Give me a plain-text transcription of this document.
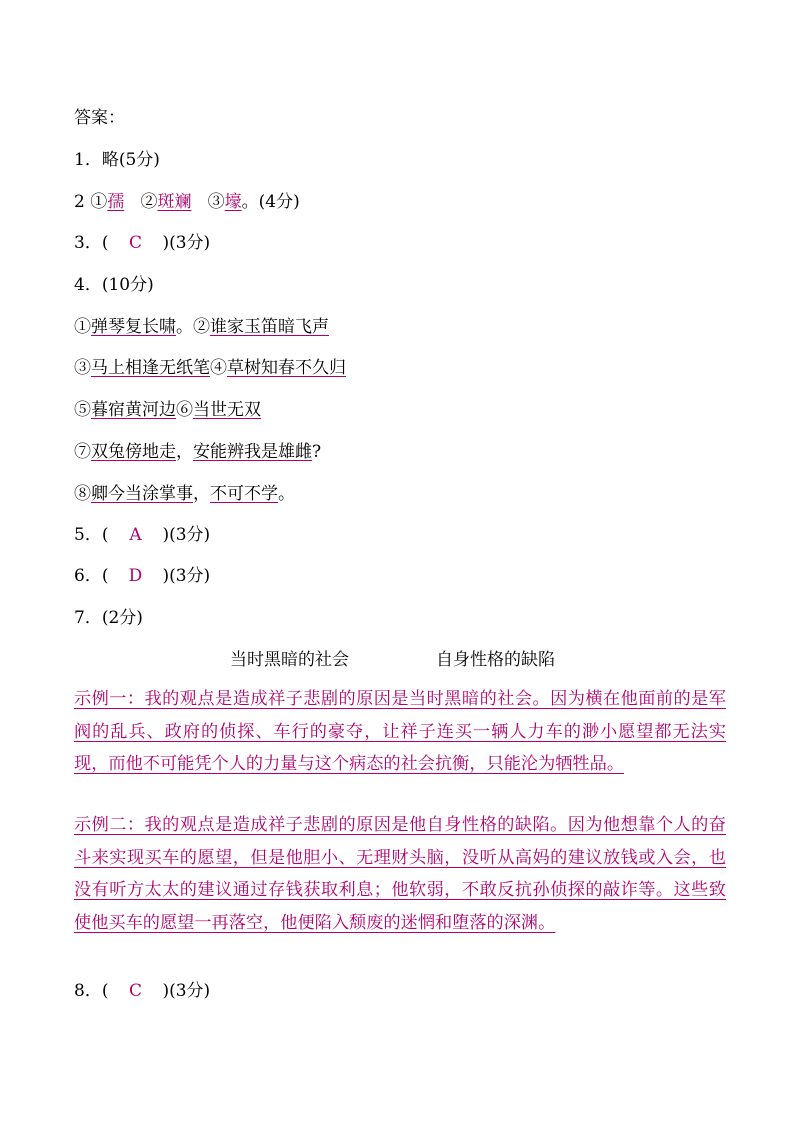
答案：
1．略(5分)
2 ①孺   ②斑斓   ③壕。(4分)
3．( C )(3分)
4．(10分)
①弹琴复长啸。②谁家玉笛暗飞声
③马上相逢无纸笔④草树知春不久归
⑤暮宿黄河边⑥当世无双
⑦双兔傍地走，安能辨我是雄雌?
⑧卿今当涂掌事，不可不学。
5．( A )(3分)
6．( D )(3分)
7．(2分)
当时黑暗的社会	自身性格的缺陷
示例一：我的观点是造成祥子悲剧的原因是当时黑暗的社会。因为横在他面前的是军阀的乱兵、政府的侦探、车行的豪夺，让祥子连买一辆人力车的渺小愿望都无法实现，而他不可能凭个人的力量与这个病态的社会抗衡，只能沦为牺牲品。
示例二：我的观点是造成祥子悲剧的原因是他自身性格的缺陷。因为他想靠个人的奋斗来实现买车的愿望，但是他胆小、无理财头脑，没听从高妈的建议放钱或入会，也没有听方太太的建议通过存钱获取利息；他软弱，不敢反抗孙侦探的敲诈等。这些致使他买车的愿望一再落空，他便陷入颓废的迷惘和堕落的深渊。
8．( C )(3分)
